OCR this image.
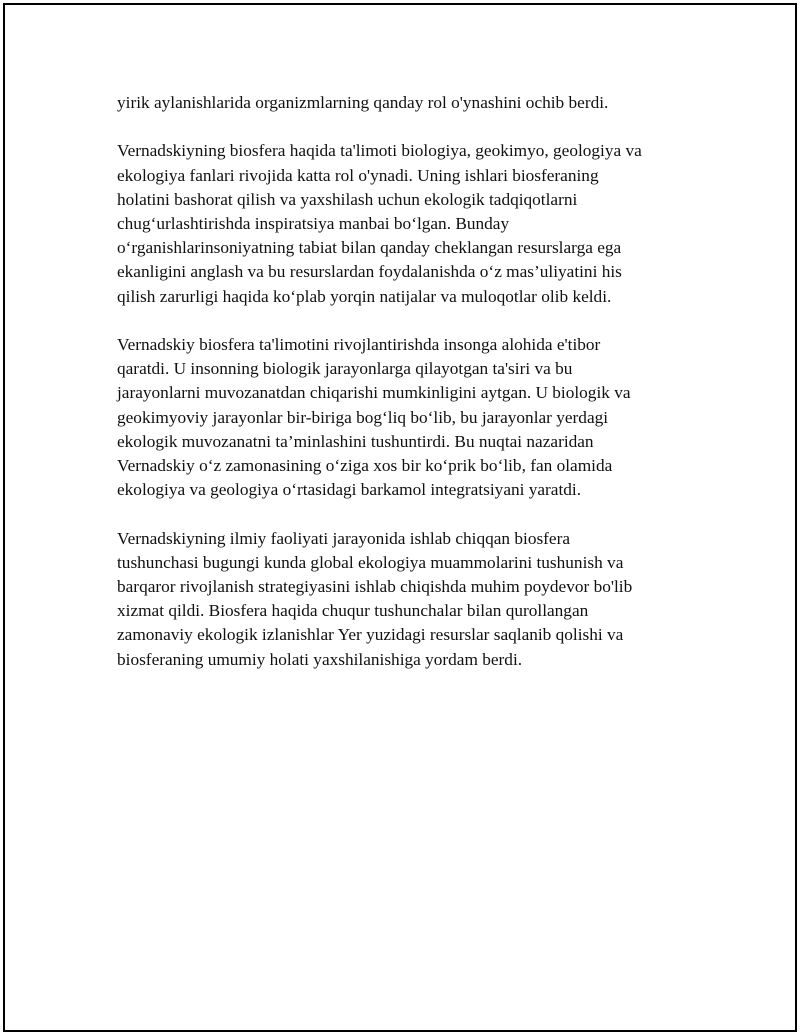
yirik aylanishlarida organizmlarning qanday rol o'ynashini ochib berdi.

Vernadskiyning biosfera haqida ta'limoti biologiya, geokimyo, geologiya va
ekologiya fanlari rivojida katta rol o'ynadi. Uning ishlari biosferaning
holatini bashorat qilish va yaxshilash uchun ekologik tadqiqotlarni
chug‘urlashtirishda inspiratsiya manbai bo‘lgan. Bunday
o‘rganishlarinsoniyatning tabiat bilan qanday cheklangan resurslarga ega
ekanligini anglash va bu resurslardan foydalanishda o‘z mas’uliyatini his
qilish zarurligi haqida ko‘plab yorqin natijalar va muloqotlar olib keldi.

Vernadskiy biosfera ta'limotini rivojlantirishda insonga alohida e'tibor
qaratdi. U insonning biologik jarayonlarga qilayotgan ta'siri va bu
jarayonlarni muvozanatdan chiqarishi mumkinligini aytgan. U biologik va
geokimyoviy jarayonlar bir-biriga bog‘liq bo‘lib, bu jarayonlar yerdagi
ekologik muvozanatni ta’minlashini tushuntirdi. Bu nuqtai nazaridan
Vernadskiy o‘z zamonasining o‘ziga xos bir ko‘prik bo‘lib, fan olamida
ekologiya va geologiya o‘rtasidagi barkamol integratsiyani yaratdi.

Vernadskiyning ilmiy faoliyati jarayonida ishlab chiqqan biosfera
tushunchasi bugungi kunda global ekologiya muammolarini tushunish va
barqaror rivojlanish strategiyasini ishlab chiqishda muhim poydevor bo'lib
xizmat qildi. Biosfera haqida chuqur tushunchalar bilan qurollangan
zamonaviy ekologik izlanishlar Yer yuzidagi resurslar saqlanib qolishi va
biosferaning umumiy holati yaxshilanishiga yordam berdi.
